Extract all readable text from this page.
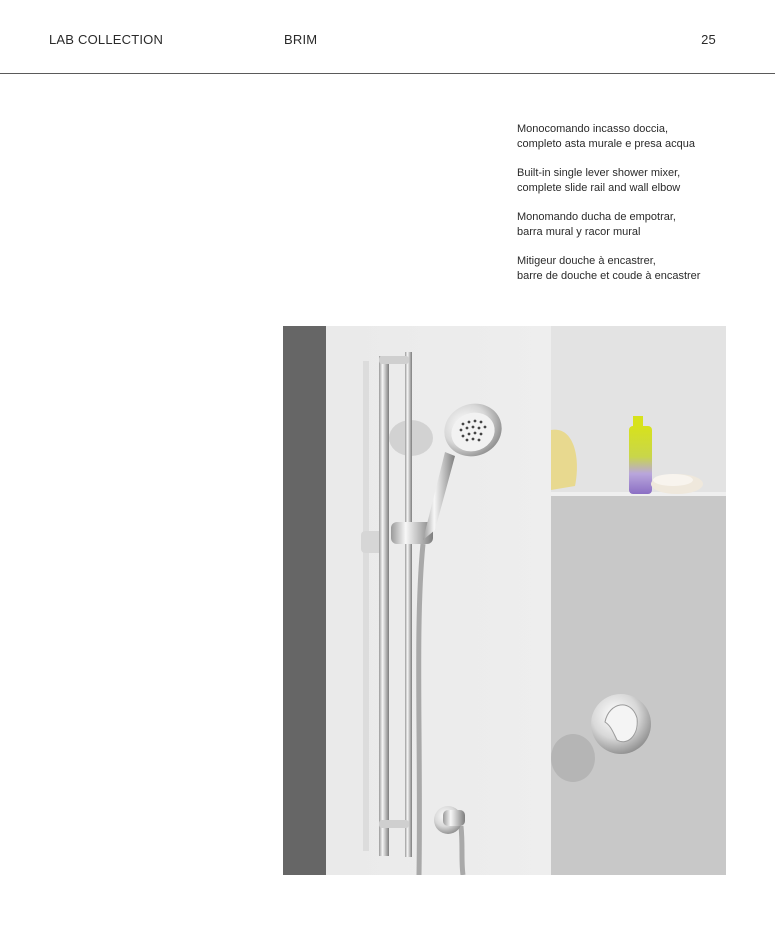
LAB COLLECTION	BRIM	25

Monocomando incasso doccia,
completo asta murale e presa acqua

Built-in single lever shower mixer,
complete slide rail and wall elbow

Monomando ducha de empotrar,
barra mural y racor mural

Mitigeur douche à encastrer,
barre de douche et coude à encastrer
